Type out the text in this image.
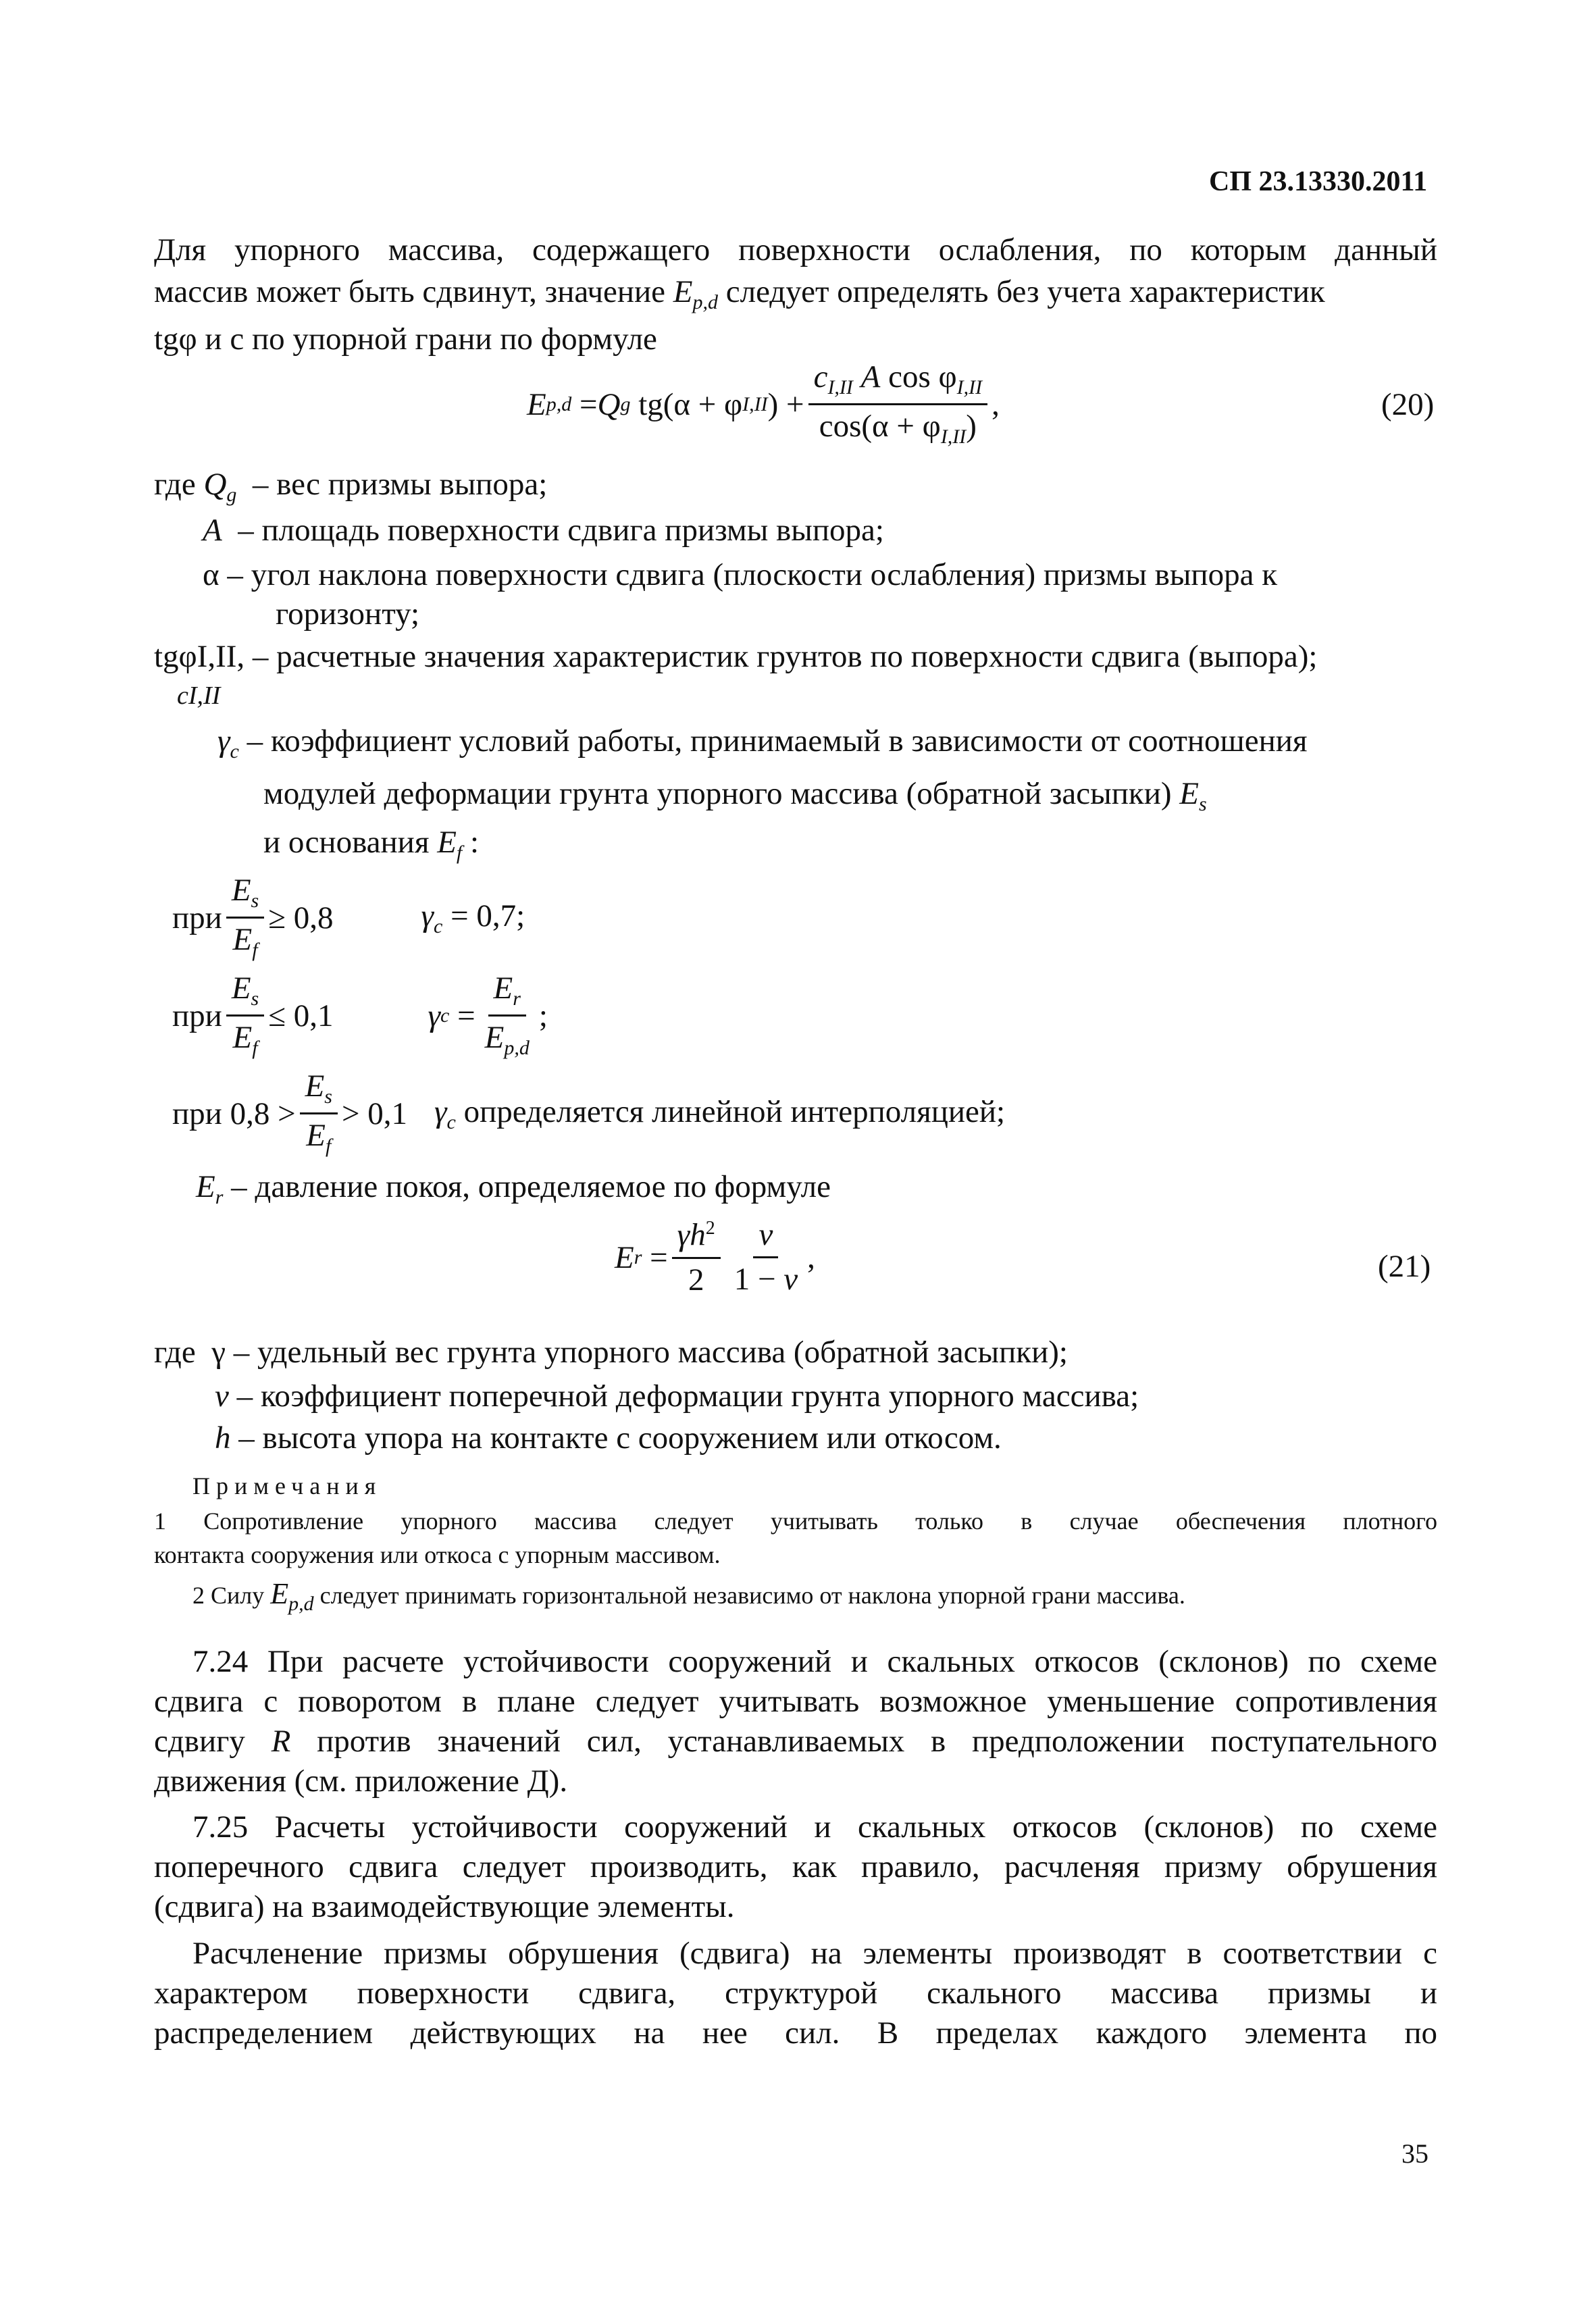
СП 23.13330.2011
Для упорного массива, содержащего поверхности ослабления, по которым данный
массив может быть сдвинут, значение $E_{p,d}$ следует определять без учета характеристик
tgφ и c по упорной грани по формуле
E p,d = Q g tg(α + φ I,II ) + $\frac{c_{I,II} A \cos \varphi_{I,II}}{\cos(\alpha + \varphi_{I,II})}$ ,	(20)
где $Q_g$ – вес призмы выпора;
A – площадь поверхности сдвига призмы выпора;
α – угол наклона поверхности сдвига (плоскости ослабления) призмы выпора к
горизонту;
tgφI,II, – расчетные значения характеристик грунтов по поверхности сдвига (выпора);
cI,II
$\gamma_c$ – коэффициент условий работы, принимаемый в зависимости от соотношения
модулей деформации грунта упорного массива (обратной засыпки) $E_s$
и основания $E_f$ :
при $\frac{E_s}{E_f} \ge 0,8$	$\gamma_c = 0,7$;
при $\frac{E_s}{E_f} \le 0,1$	γ $c = \frac{E_r}{E_{p,d}}$ ;
при
$0,8 > \frac{E_s}{E_f} > 0,1$ $\gamma_c$ определяется линейной интерполяцией;
$E_r$ – давление покоя, определяемое по формуле
E $r = \frac{\gamma h^2}{2} \frac{\nu}{1 - \nu}$ ,	(21)
где  γ – удельный вес грунта упорного массива (обратной засыпки);
ν – коэффициент поперечной деформации грунта упорного массива;
h – высота упора на контакте с сооружением или откосом.
Примечания
1 Сопротивление упорного массива следует учитывать только в случае обеспечения плотного
контакта сооружения или откоса с упорным массивом.
2 Силу $E_{p,d}$ следует принимать горизонтальной независимо от наклона упорной грани массива.
7.24 При расчете устойчивости сооружений и скальных откосов (склонов) по схеме
сдвига с поворотом в плане следует учитывать возможное уменьшение сопротивления
сдвигу R против значений сил, устанавливаемых в предположении поступательного
движения (см. приложение Д).
7.25 Расчеты устойчивости сооружений и скальных откосов (склонов) по схеме
поперечного сдвига следует производить, как правило, расчленяя призму обрушения
(сдвига) на взаимодействующие элементы.
Расчленение призмы обрушения (сдвига) на элементы производят в соответствии с
характером поверхности сдвига, структурой скального массива призмы и
распределением действующих на нее сил. В пределах каждого элемента по
35
